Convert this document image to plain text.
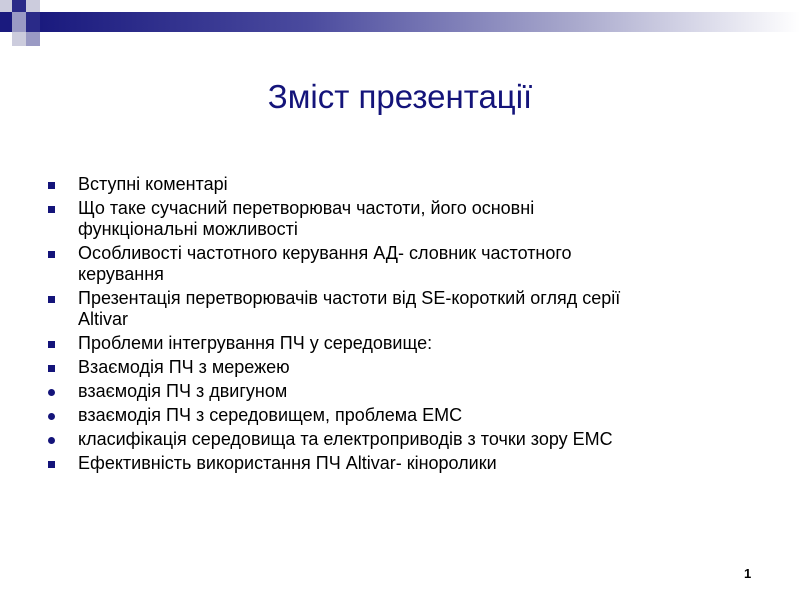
Зміст презентації
Вступні коментарі
Що таке сучасний перетворювач частоти, його основні
функціональні можливості
Особливості частотного керування АД- словник частотного
керування
Презентація перетворювачів частоти від SE-короткий огляд серії
Altivar
Проблеми інтегрування ПЧ у середовище:
Взаємодія ПЧ з мережею
взаємодія ПЧ з двигуном
взаємодія ПЧ з середовищем, проблема ЕМС
класифікація середовища та електроприводів з точки зору ЕМС
Ефективність використання ПЧ Altivar- кіноролики
1
